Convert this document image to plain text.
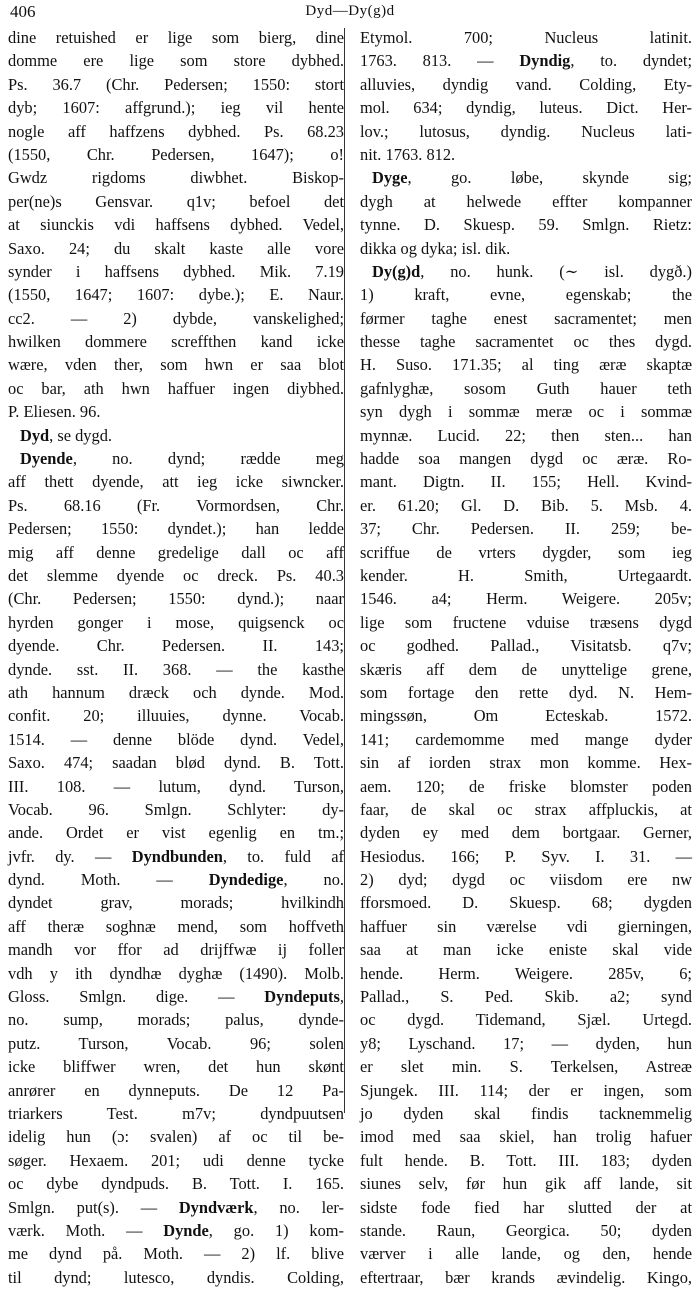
406	Dyd—Dy(g)d
dine retuished er lige som bierg, dine
domme ere lige som store dybhed.
Ps. 36.7 (Chr. Pedersen; 1550: stort
dyb; 1607: affgrund.); ieg vil hente
nogle aff haffzens dybhed. Ps. 68.23
(1550, Chr. Pedersen, 1647); o!
Gwdz rigdoms diwbhet. Biskop-
per(ne)s Gensvar. q1v; befoel det
at siunckis vdi haffsens dybhed. Vedel,
Saxo. 24; du skalt kaste alle vore
synder i haffsens dybhed. Mik. 7.19
(1550, 1647; 1607: dybe.); E. Naur.
cc2. — 2) dybde, vanskelighed;
hwilken dommere screffthen kand icke
wære, vden ther, som hwn er saa blot
oc bar, ath hwn haffuer ingen diybhed.
P. Eliesen. 96.
Dyd, se dygd.
Dyende, no. dynd; rædde meg
aff thett dyende, att ieg icke siwncker.
Ps. 68.16 (Fr. Vormordsen, Chr.
Pedersen; 1550: dyndet.); han ledde
mig aff denne gredelige dall oc aff
det slemme dyende oc dreck. Ps. 40.3
(Chr. Pedersen; 1550: dynd.); naar
hyrden gonger i mose, quigsenck oc
dyende. Chr. Pedersen. II. 143;
dynde. sst. II. 368. — the kasthe
ath hannum dræck och dynde. Mod.
confit. 20; illuuies, dynne. Vocab.
1514. — denne blöde dynd. Vedel,
Saxo. 474; saadan blød dynd. B. Tott.
III. 108. — lutum, dynd. Turson,
Vocab. 96. Smlgn. Schlyter: dy-
ande. Ordet er vist egenlig en tm.;
jvfr. dy. — Dyndbunden, to. fuld af
dynd. Moth. — Dyndedige, no.
dyndet grav, morads; hvilkindh
aff theræ soghnæ mend, som hoffveth
mandh vor ffor ad drijffwæ ij foller
vdh y ith dyndhæ dyghæ (1490). Molb.
Gloss. Smlgn. dige. — Dyndeputs,
no. sump, morads; palus, dynde-
putz. Turson, Vocab. 96; solen
icke bliffwer wren, det hun skønt
anrører en dynneputs. De 12 Pa-
triarkers Test. m7v; dyndpuutsen
idelig hun (ɔ: svalen) af oc til be-
søger. Hexaem. 201; udi denne tycke
oc dybe dyndpuds. B. Tott. I. 165.
Smlgn. put(s). — Dyndværk, no. ler-
værk. Moth. — Dynde, go. 1) kom-
me dynd på. Moth. — 2) lf. blive
til dynd; lutesco, dyndis. Colding,
Etymol. 700; Nucleus latinit.
1763. 813. — Dyndig, to. dyndet;
alluvies, dyndig vand. Colding, Ety-
mol. 634; dyndig, luteus. Dict. Her-
lov.; lutosus, dyndig. Nucleus lati-
nit. 1763. 812.
Dyge, go. løbe, skynde sig;
dygh at helwede effter kompanner
tynne. D. Skuesp. 59. Smlgn. Rietz:
dikka og dyka; isl. dik.
Dy(g)d, no. hunk. (∼ isl. dygð.)
1) kraft, evne, egenskab; the
førmer taghe enest sacramentet; men
thesse taghe sacramentet oc thes dygd.
H. Suso. 171.35; al ting æræ skaptæ
gafnlyghæ, sosom Guth hauer teth
syn dygh i sommæ meræ oc i sommæ
mynnæ. Lucid. 22; then sten... han
hadde soa mangen dygd oc æræ. Ro-
mant. Digtn. II. 155; Hell. Kvind-
er. 61.20; Gl. D. Bib. 5. Msb. 4.
37; Chr. Pedersen. II. 259; be-
scriffue de vrters dygder, som ieg
kender. H. Smith, Urtegaardt.
1546. a4; Herm. Weigere. 205v;
lige som fructene vduise træsens dygd
oc godhed. Pallad., Visitatsb. q7v;
skæris aff dem de unyttelige grene,
som fortage den rette dyd. N. Hem-
mingssøn, Om Ecteskab. 1572.
141; cardemomme med mange dyder
sin af iorden strax mon komme. Hex-
aem. 120; de friske blomster poden
faar, de skal oc strax affpluckis, at
dyden ey med dem bortgaar. Gerner,
Hesiodus. 166; P. Syv. I. 31. —
2) dyd; dygd oc viisdom ere nw
fforsmoed. D. Skuesp. 68; dygden
haffuer sin værelse vdi gierningen,
saa at man icke eniste skal vide
hende. Herm. Weigere. 285v, 6;
Pallad., S. Ped. Skib. a2; synd
oc dygd. Tidemand, Sjæl. Urtegd.
y8; Lyschand. 17; — dyden, hun
er slet min. S. Terkelsen, Astreæ
Sjungek. III. 114; der er ingen, som
jo dyden skal findis tacknemmelig
imod med saa skiel, han trolig hafuer
fult hende. B. Tott. III. 183; dyden
siunes selv, før hun gik aff lande, sit
sidste fode fied har slutted der at
stande. Raun, Georgica. 50; dyden
værver i alle lande, og den, hende
eftertraar, bær krands ævindelig. Kingo,
